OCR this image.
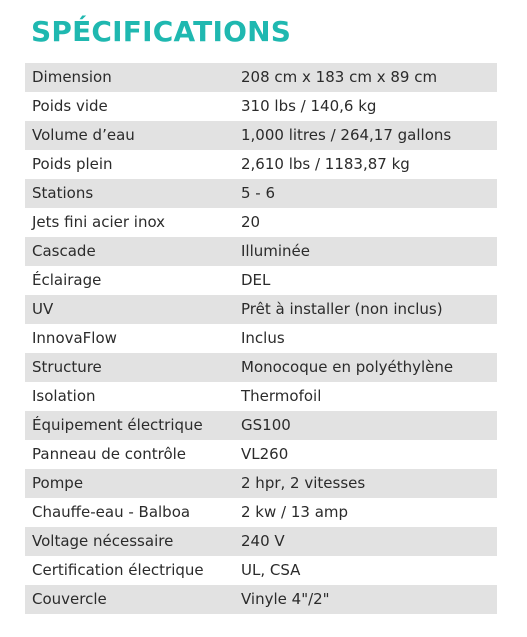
SPÉCIFICATIONS
Dimension	208 cm x 183 cm x 89 cm
Poids vide	310 lbs / 140,6 kg
Volume d’eau	1,000 litres / 264,17 gallons
Poids plein	2,610 lbs / 1183,87 kg
Stations	5 - 6
Jets fini acier inox	20
Cascade	Illuminée
Éclairage	DEL
UV	Prêt à installer (non inclus)
InnovaFlow	Inclus
Structure	Monocoque en polyéthylène
Isolation	Thermofoil
Équipement électrique	GS100
Panneau de contrôle	VL260
Pompe	2 hpr, 2 vitesses
Chauffe-eau - Balboa	2 kw / 13 amp
Voltage nécessaire	240 V
Certification électrique	UL, CSA
Couvercle	Vinyle 4"/2"
